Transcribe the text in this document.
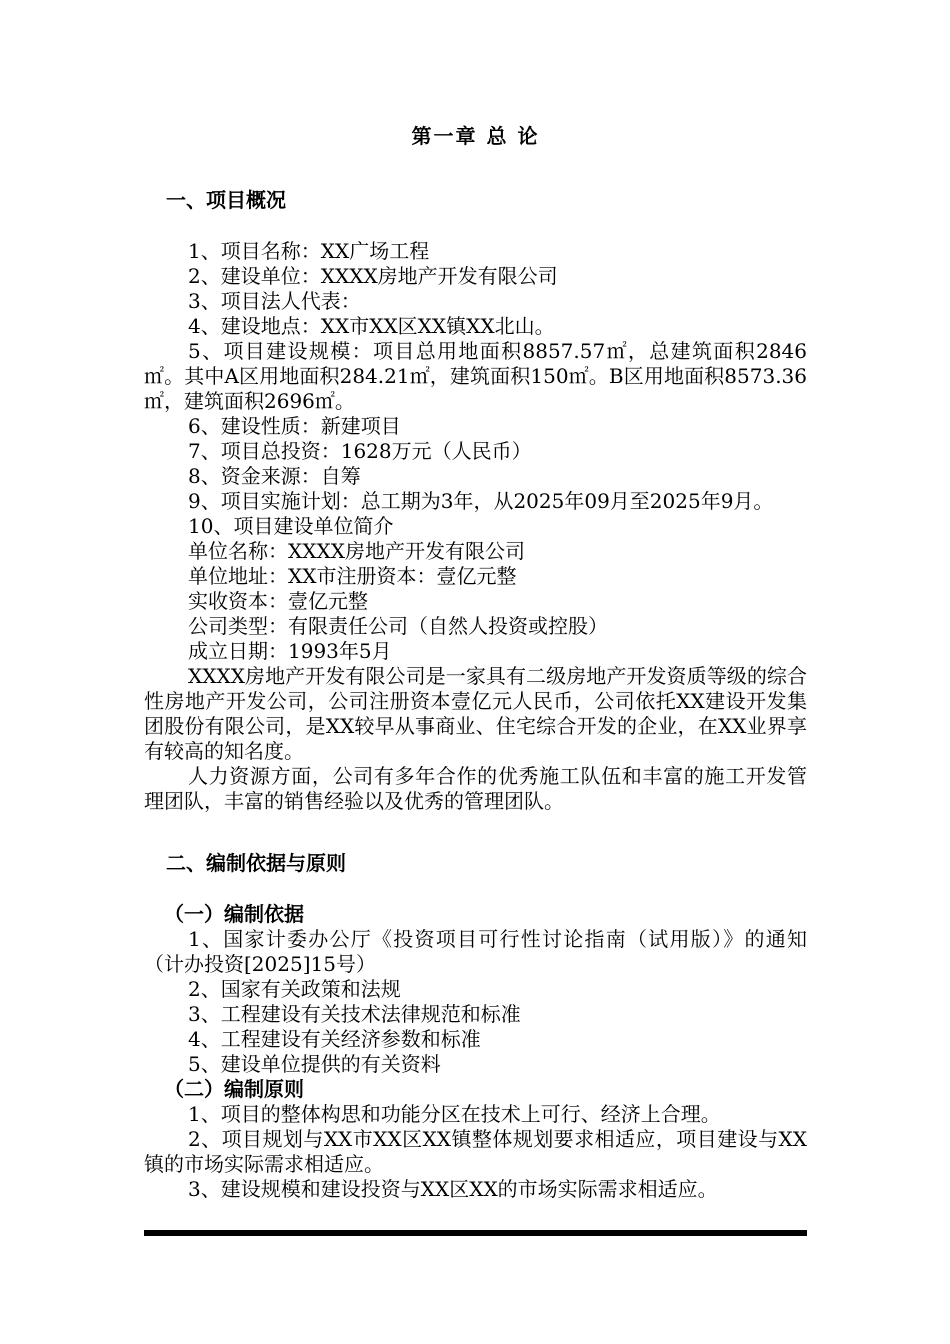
第一章 总 论
一、项目概况

1、项目名称：XX广场工程

2、建设单位：XXXX房地产开发有限公司

3、项目法人代表：

4、建设地点：XX市XX区XX镇XX北山。

5、项目建设规模：项目总用地面积8857.57㎡，总建筑面积2846㎡。其中A区用地面积284.21㎡，建筑面积150㎡。B区用地面积8573.36㎡，建筑面积2696㎡。

6、建设性质：新建项目

7、项目总投资：1628万元（人民币）

8、资金来源：自筹

9、项目实施计划：总工期为3年，从2025年09月至2025年9月。

10、项目建设单位简介

单位名称：XXXX房地产开发有限公司

单位地址：XX市注册资本：壹亿元整

实收资本：壹亿元整

公司类型：有限责任公司（自然人投资或控股）

成立日期：1993年5月

XXXX房地产开发有限公司是一家具有二级房地产开发资质等级的综合性房地产开发公司，公司注册资本壹亿元人民币，公司依托XX建设开发集团股份有限公司，是XX较早从事商业、住宅综合开发的企业，在XX业界享有较高的知名度。

人力资源方面，公司有多年合作的优秀施工队伍和丰富的施工开发管理团队，丰富的销售经验以及优秀的管理团队。

二、编制依据与原则
（一）编制依据

1、国家计委办公厅《投资项目可行性讨论指南（试用版）》的通知（计办投资[2025]15号）

2、国家有关政策和法规

3、工程建设有关技术法律规范和标准

4、工程建设有关经济参数和标准

5、建设单位提供的有关资料

（二）编制原则

1、项目的整体构思和功能分区在技术上可行、经济上合理。

2、项目规划与XX市XX区XX镇整体规划要求相适应，项目建设与XX镇的市场实际需求相适应。

3、建设规模和建设投资与XX区XX的市场实际需求相适应。
